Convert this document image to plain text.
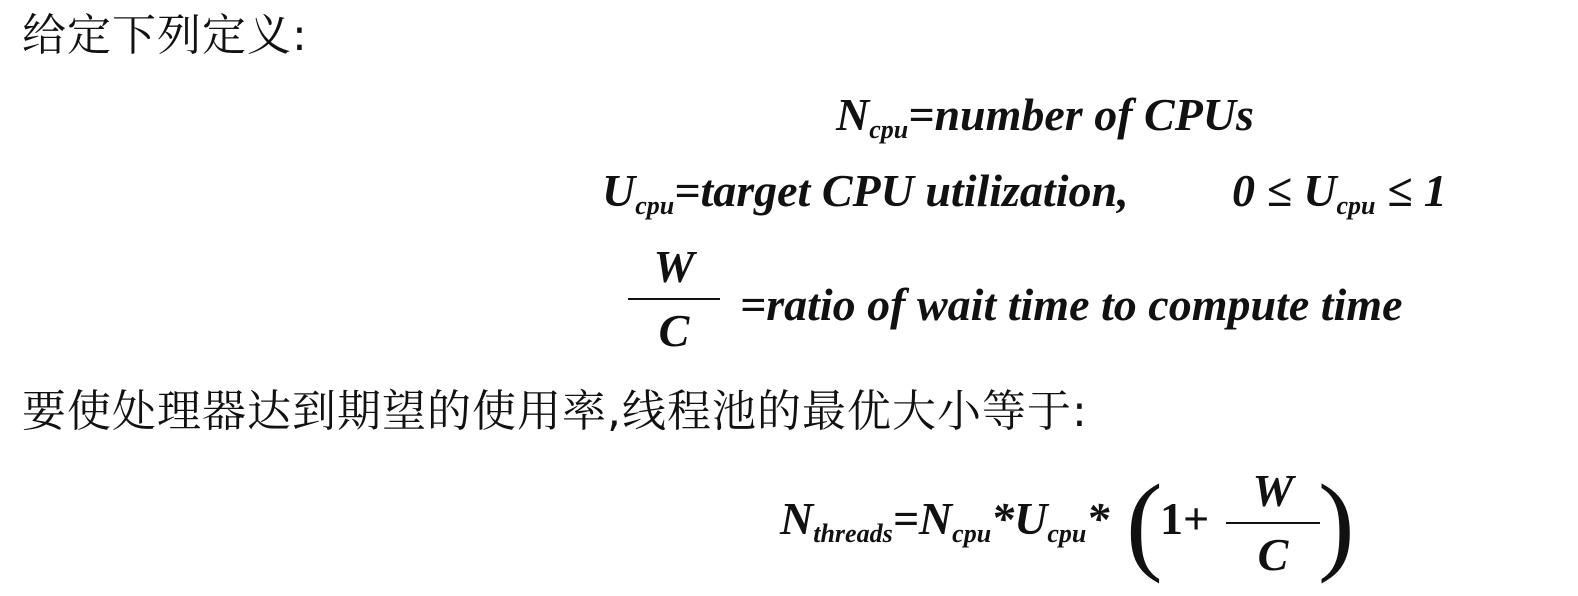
给定下列定义:
$N_{cpu}=number$ of CPUs
$U_{cpu}=target$ CPU utilization, $0 \le U_{cpu} \le 1$
W
C
=ratio of wait time to compute time
要使处理器达到期望的使用率,线程池的最优大小等于:
$N_{threads}=N_{cpu}*U_{cpu}*$ (
1+
W
C )
